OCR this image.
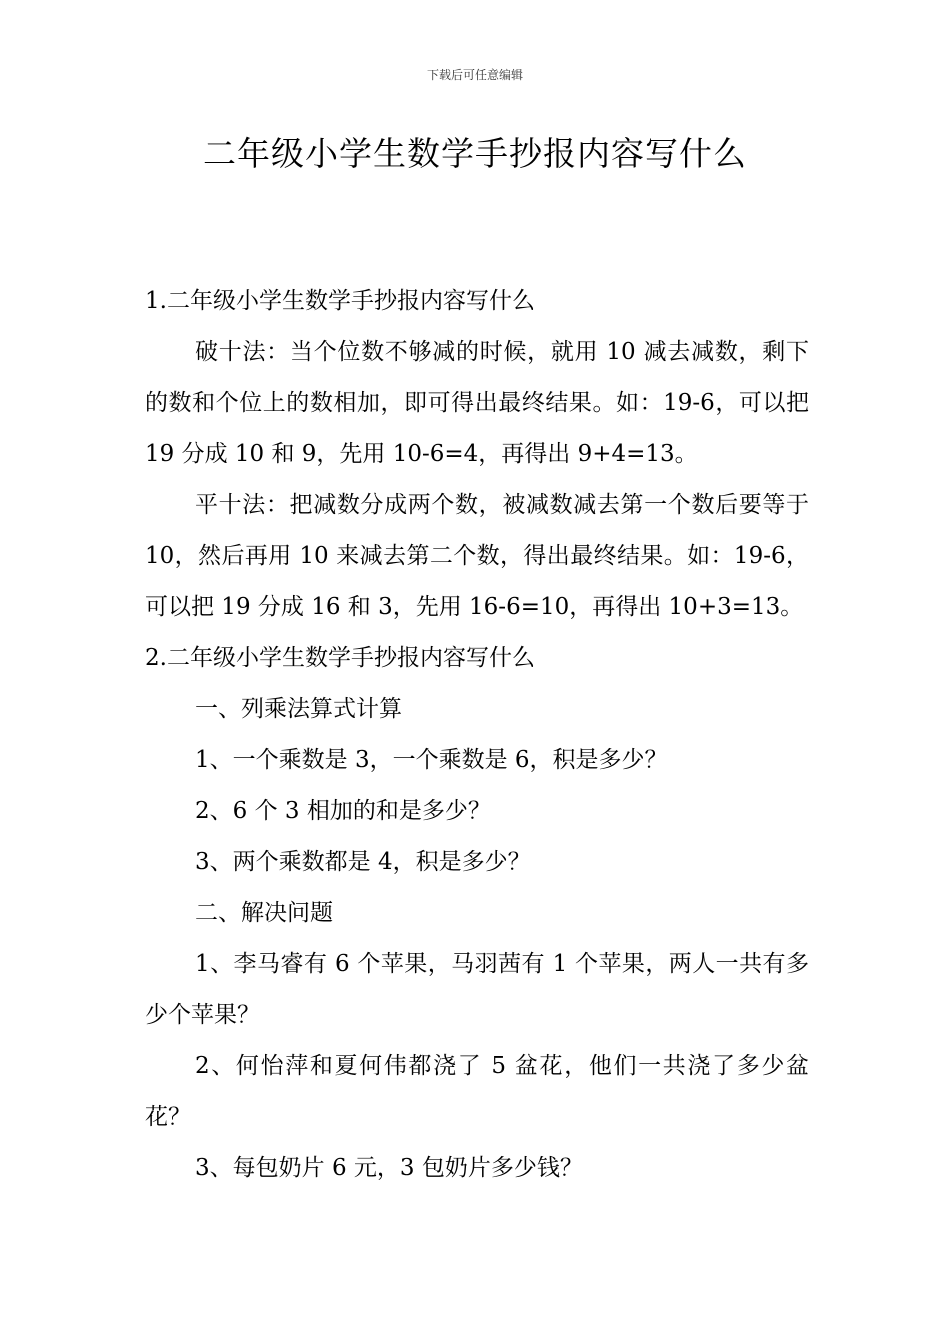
下载后可任意编辑
二年级小学生数学手抄报内容写什么

1.二年级小学生数学手抄报内容写什么

破十法：当个位数不够减的时候，就用 10 减去减数，剩下的数和个位上的数相加，即可得出最终结果。如：19-6，可以把 19 分成 10 和 9，先用 10-6=4，再得出 9+4=13。

平十法：把减数分成两个数，被减数减去第一个数后要等于 10，然后再用 10 来减去第二个数，得出最终结果。如：19-6，可以把 19 分成 16 和 3，先用 16-6=10，再得出 10+3=13。

2.二年级小学生数学手抄报内容写什么

一、列乘法算式计算

1、一个乘数是 3，一个乘数是 6，积是多少？

2、6 个 3 相加的和是多少？

3、两个乘数都是 4，积是多少？

二、解决问题

1、李马睿有 6 个苹果，马羽茜有 1 个苹果，两人一共有多少个苹果？

2、何怡萍和夏何伟都浇了 5 盆花，他们一共浇了多少盆花？

3、每包奶片 6 元，3 包奶片多少钱？
